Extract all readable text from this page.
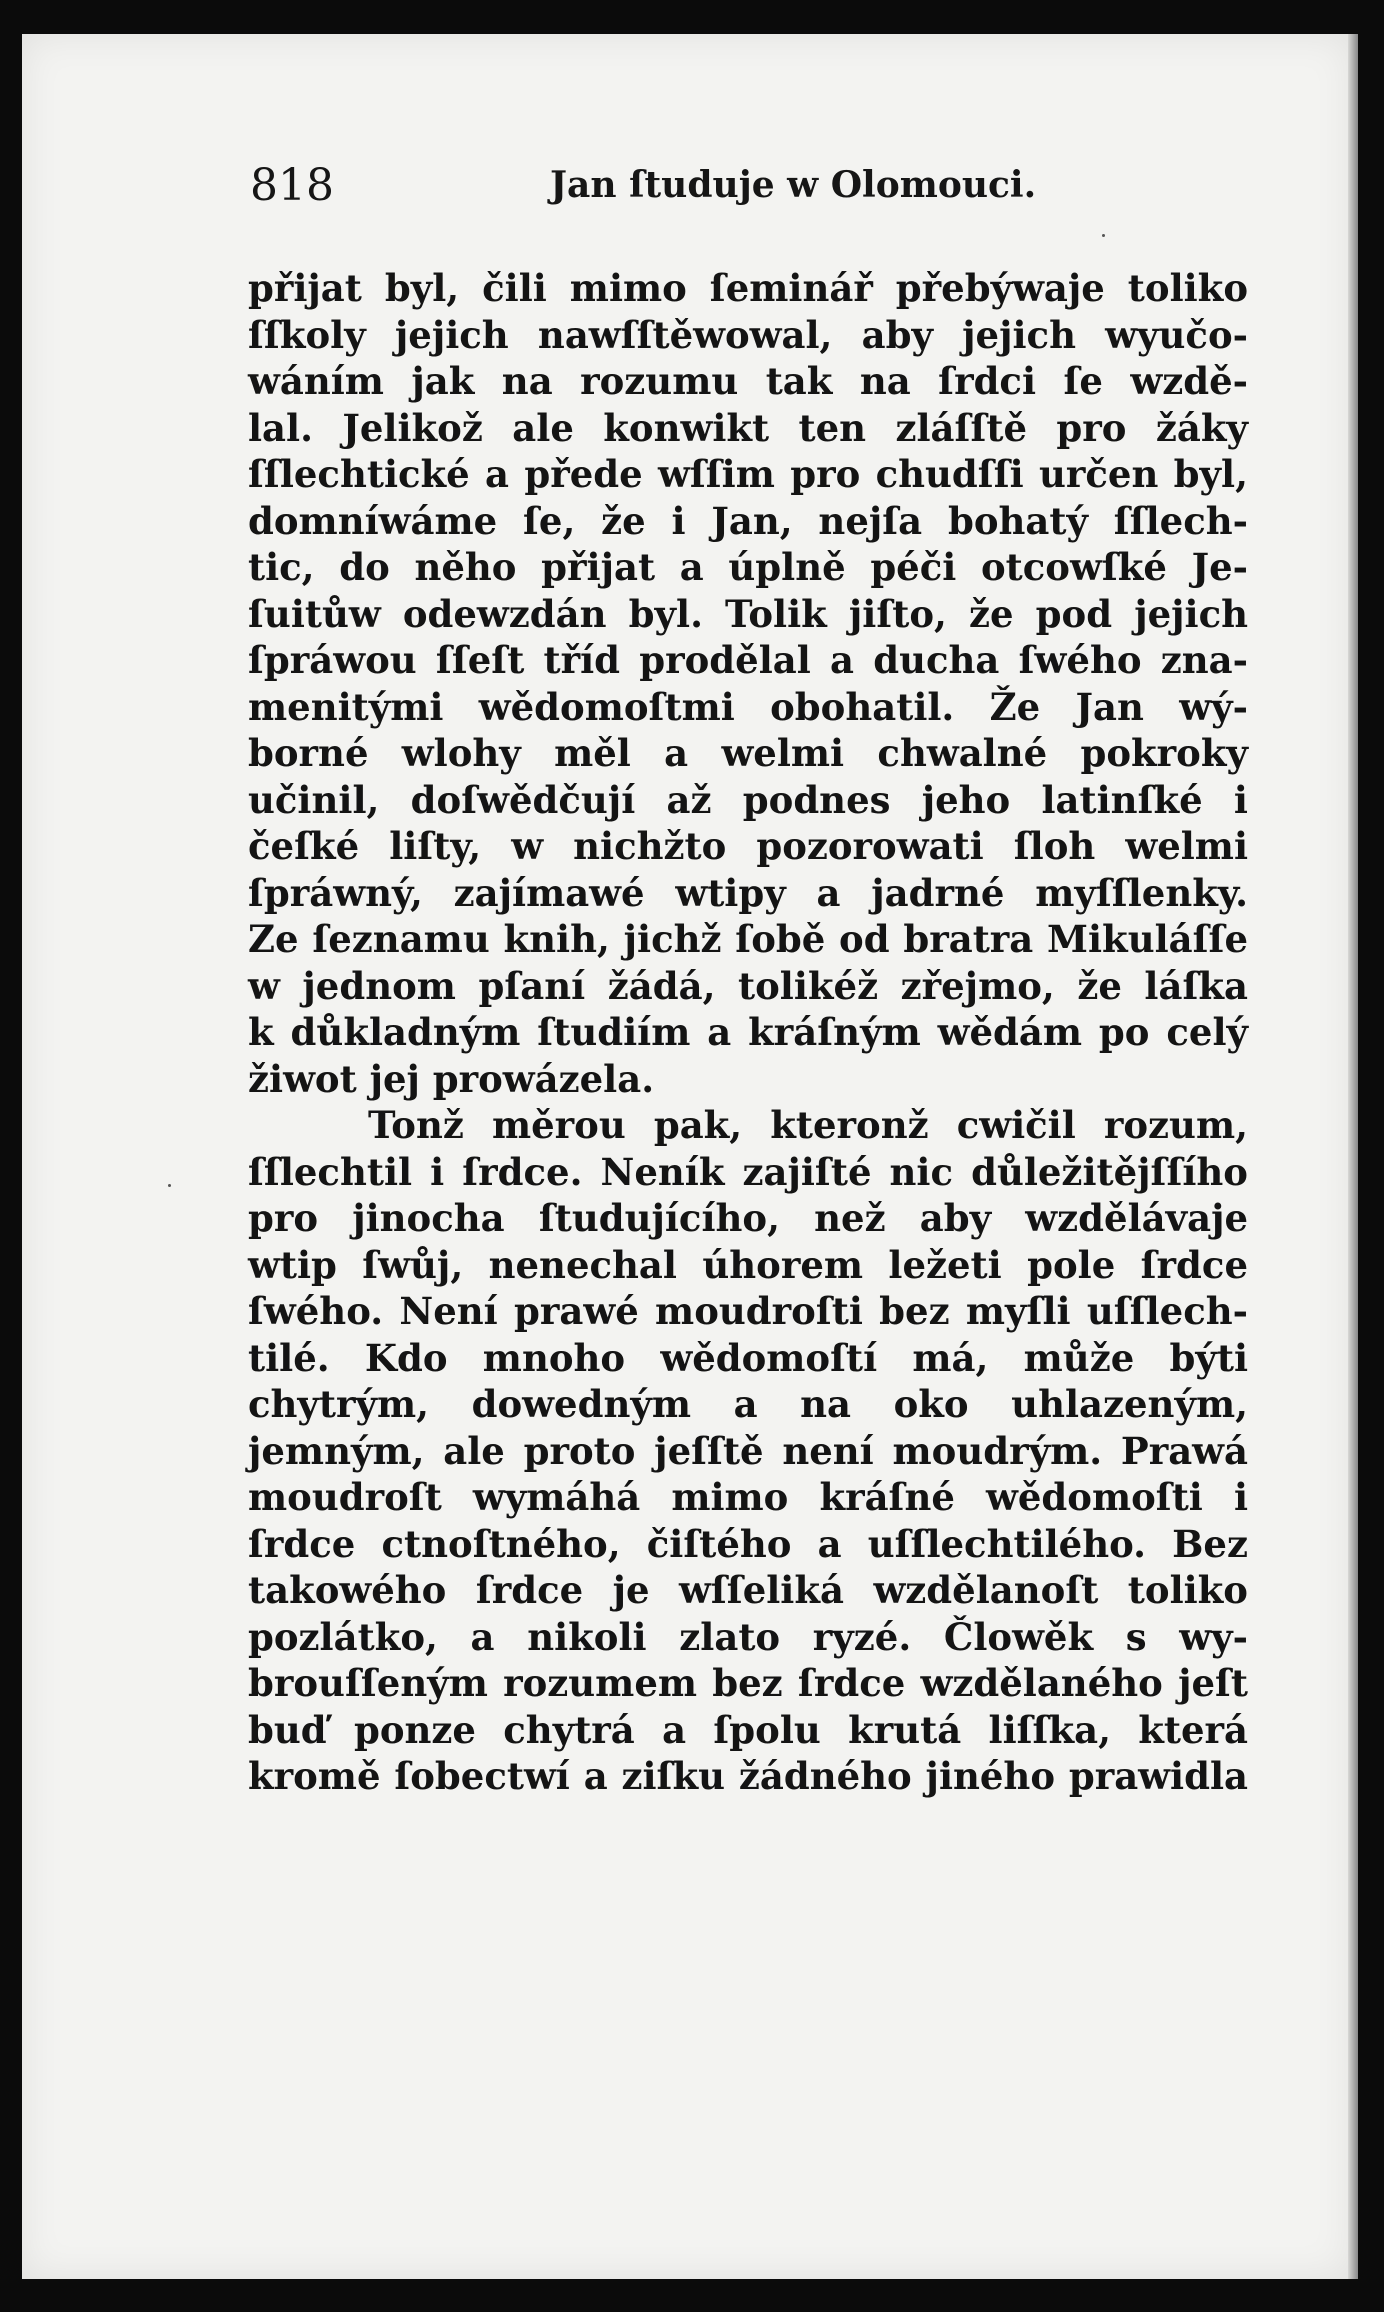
818	Jan ſtuduje w Olomouci.
přijat byl, čili mimo ſeminář přebýwaje toliko
ſſkoly jejich nawſſtěwowal, aby jejich wyučo-
wáním jak na rozumu tak na ſrdci ſe wzdě-
lal. Jelikož ale konwikt ten zláſſtě pro žáky
ſſlechtické a přede wſſim pro chudſſi určen byl,
domníwáme ſe, že i Jan, nejſa bohatý ſſlech-
tic, do něho přijat a úplně péči otcowſké Je-
ſuitůw odewzdán byl. Tolik jiſto, že pod jejich
ſpráwou ſſeſt tříd prodělal a ducha ſwého zna-
menitými wědomoſtmi obohatil. Že Jan wý-
borné wlohy měl a welmi chwalné pokroky
učinil, doſwědčují až podnes jeho latinſké i
čeſké liſty, w nichžto pozorowati ſloh welmi
ſpráwný, zajímawé wtipy a jadrné myſſlenky.
Ze ſeznamu knih, jichž ſobě od bratra Mikuláſſe
w jednom pſaní žádá, tolikéž zřejmo, že láſka
k důkladným ſtudiím a kráſným wědám po celý
žiwot jej prowázela.
Tonž měrou pak, kteronž cwičil rozum,
ſſlechtil i ſrdce. Neník zajiſté nic důležitějſſího
pro jinocha ſtudujícího, než aby wzdělávaje
wtip ſwůj, nenechal úhorem ležeti pole ſrdce
ſwého. Není prawé moudroſti bez myſli uſſlech-
tilé. Kdo mnoho wědomoſtí má, může býti
chytrým, dowedným a na oko uhlazeným,
jemným, ale proto jeſſtě není moudrým. Prawá
moudroſt wymáhá mimo kráſné wědomoſti i
ſrdce ctnoſtného, čiſtého a uſſlechtilého. Bez
takowého ſrdce je wſſeliká wzdělanoſt toliko
pozlátko, a nikoli zlato ryzé. Člowěk s wy-
brouſſeným rozumem bez ſrdce wzdělaného jeſt
buď ponze chytrá a ſpolu krutá liſſka, která
kromě ſobectwí a ziſku žádného jiného prawidla
